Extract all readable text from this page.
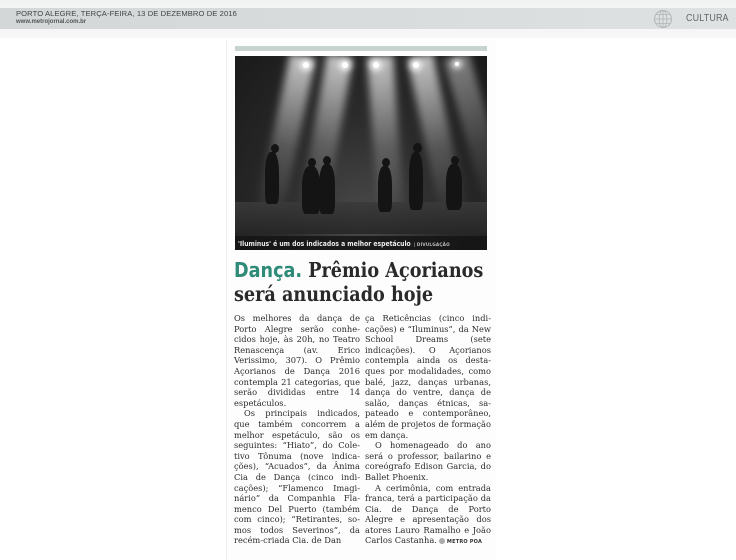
PORTO ALEGRE, TERÇA-FEIRA, 13 DE DEZEMBRO DE 2016
www.metrojornal.com.br	CULTURA
'Iluminus' é um dos indicados a melhor espetáculo | DIVULGAÇÃO
Dança. Prêmio Açorianos
será anunciado hoje

Os melhores da dança de Porto Alegre serão conhecidos hoje, às 20h, no Teatro Renascença (av. Erico Verissimo, 307). O Prêmio Açorianos de Dança 2016 contempla 21 categorias, que serão divididas entre 14 espetáculos.

Os principais indicados, que também concorrem a melhor espetáculo, são os seguintes: “Hiato”, do Coletivo Tônuma (nove indicações), “Acuados”, da Ânima Cia de Dança (cinco indicações); “Flamenco Imaginário” da Companhia Flamenco Del Puerto (também com cinco); “Retirantes, somos todos Severinos”, da recém-criada Cia. de Dan

ça Reticências (cinco indicações) e “Iluminus”, da New School Dreams (sete indicações). O Açorianos contempla ainda os destaques por modalidades, como balé, jazz, danças urbanas, dança do ventre, dança de salão, danças étnicas, sapateado e contemporâneo, além de projetos de formação em dança.

O homenageado do ano será o professor, bailarino e coreógrafo Edison Garcia, do Ballet Phoenix.

A cerimônia, com entrada franca, terá a participação da Cia. de Dança de Porto Alegre e apresentação dos atores Lauro Ramalho e João Carlos Castanha. METRO POA
